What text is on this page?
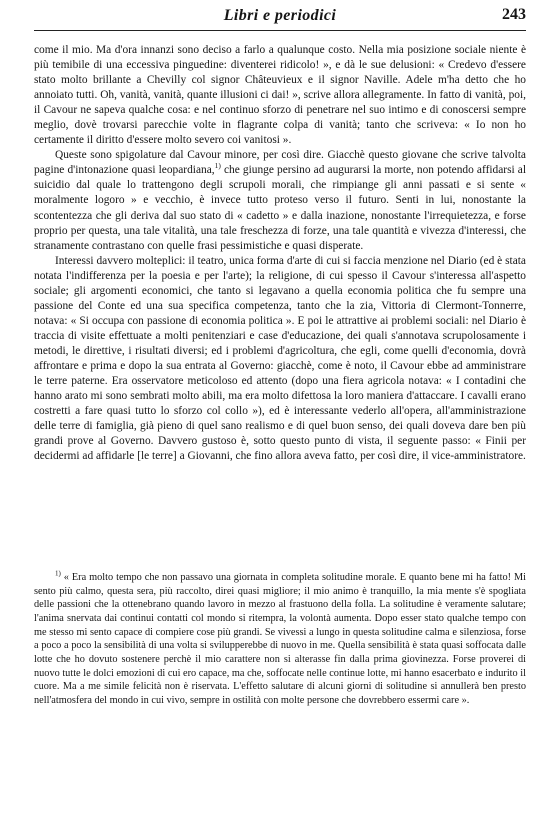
Libri e periodici	243

come il mio. Ma d'ora innanzi sono deciso a farlo a qualunque costo. Nella mia posizione sociale niente è più temibile di una eccessiva pinguedine: diventerei ridicolo! », e dà le sue delusioni: « Credevo d'essere stato molto brillante a Chevilly col signor Châteuvieux e il signor Naville. Adele m'ha detto che ho annoiato tutti. Oh, vanità, vanità, quante illusioni ci dai! », scrive allora allegramente. In fatto di vanità, poi, il Cavour ne sapeva qualche cosa: e nel continuo sforzo di penetrare nel suo intimo e di conoscersi sempre meglio, dovè trovarsi parecchie volte in flagrante colpa di vanità; tanto che scriveva: « Io non ho certamente il diritto d'essere molto severo coi vanitosi ».

Queste sono spigolature dal Cavour minore, per così dire. Giacchè questo giovane che scrive talvolta pagine d'intonazione quasi leopardiana,$^{1)}$ che giunge persino ad augurarsi la morte, non potendo affidarsi al suicidio dal quale lo trattengono degli scrupoli morali, che rimpiange gli anni passati e si sente « moralmente logoro » e vecchio, è invece tutto proteso verso il futuro. Senti in lui, nonostante la scontentezza che gli deriva dal suo stato di « cadetto » e dalla inazione, nonostante l'irrequietezza, e forse proprio per questa, una tale vitalità, una tale freschezza di forze, una tale quantità e vivezza d'interessi, che stranamente contrastano con quelle frasi pessimistiche e quasi disperate.

Interessi davvero molteplici: il teatro, unica forma d'arte di cui si faccia menzione nel Diario (ed è stata notata l'indifferenza per la poesia e per l'arte); la religione, di cui spesso il Cavour s'interessa all'aspetto sociale; gli argomenti economici, che tanto si legavano a quella economia politica che fu sempre una passione del Conte ed una sua specifica competenza, tanto che la zia, Vittoria di Clermont-Tonnerre, notava: « Si occupa con passione di economia politica ». E poi le attrattive ai problemi sociali: nel Diario è traccia di visite effettuate a molti penitenziari e case d'educazione, dei quali s'annotava scrupolosamente i metodi, le direttive, i risultati diversi; ed i problemi d'agricoltura, che egli, come quelli d'economia, dovrà affrontare e prima e dopo la sua entrata al Governo: giacchè, come è noto, il Cavour ebbe ad amministrare le terre paterne. Era osservatore meticoloso ed attento (dopo una fiera agricola notava: « I contadini che hanno arato mi sono sembrati molto abili, ma era molto difettosa la loro maniera d'attaccare. I cavalli erano costretti a fare quasi tutto lo sforzo col collo »), ed è interessante vederlo all'opera, all'amministrazione delle terre di famiglia, già pieno di quel sano realismo e di quel buon senso, dei quali doveva dare ben più grandi prove al Governo. Davvero gustoso è, sotto questo punto di vista, il seguente passo: « Finii per decidermi ad affidarle [le terre] a Giovanni, che fino allora aveva fatto, per così dire, il vice-amministratore.

$^{1)}$ « Era molto tempo che non passavo una giornata in completa solitudine morale. E quanto bene mi ha fatto! Mi sento più calmo, questa sera, più raccolto, direi quasi migliore; il mio animo è tranquillo, la mia mente s'è spogliata delle passioni che la ottenebrano quando lavoro in mezzo al frastuono della folla. La solitudine è veramente salutare; l'anima snervata dai continui contatti col mondo si ritempra, la volontà aumenta. Dopo esser stato qualche tempo con me stesso mi sento capace di compiere cose più grandi. Se vivessi a lungo in questa solitudine calma e silenziosa, forse a poco a poco la sensibilità di una volta si svilupperebbe di nuovo in me. Quella sensibilità è stata quasi soffocata dalle lotte che ho dovuto sostenere perchè il mio carattere non si alterasse fin dalla prima giovinezza. Forse proverei di nuovo tutte le dolci emozioni di cui ero capace, ma che, soffocate nelle continue lotte, mi hanno esacerbato e indurito il cuore. Ma a me simile felicità non è riservata. L'effetto salutare di alcuni giorni di solitudine si annullerà ben presto nell'atmosfera del mondo in cui vivo, sempre in ostilità con molte persone che dovrebbero essermi care ».
